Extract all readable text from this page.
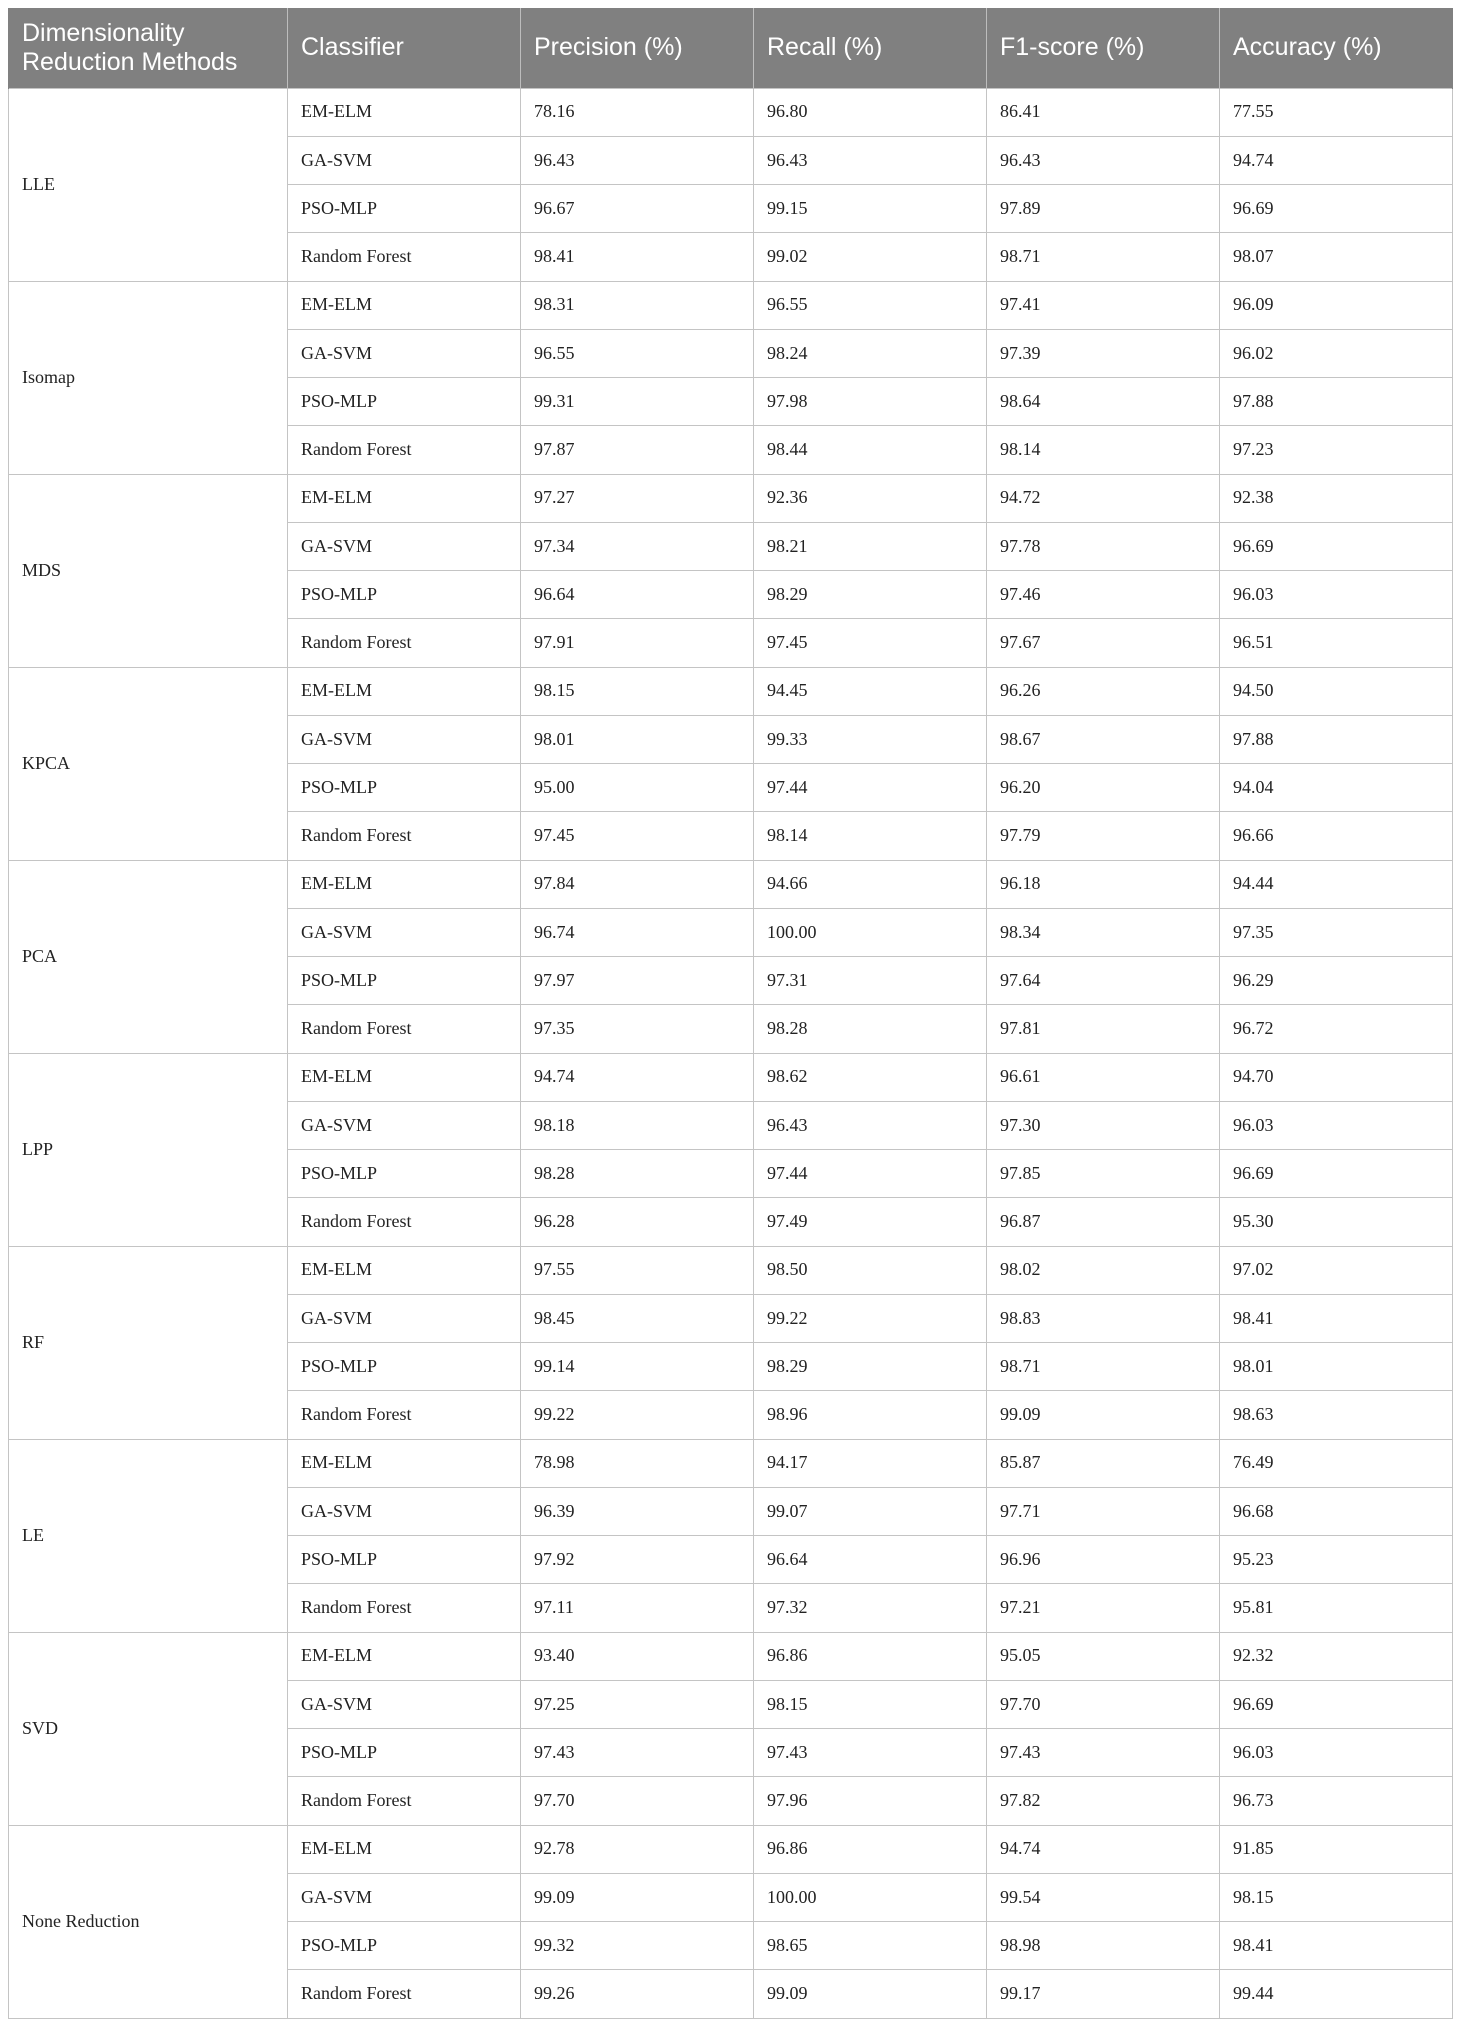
Dimensionality Reduction Methods	Classifier	Precision (%)	Recall (%)	F1-score (%)	Accuracy (%)
LLE	EM-ELM	78.16	96.80	86.41	77.55
	GA-SVM	96.43	96.43	96.43	94.74
	PSO-MLP	96.67	99.15	97.89	96.69
	Random Forest	98.41	99.02	98.71	98.07
Isomap	EM-ELM	98.31	96.55	97.41	96.09
	GA-SVM	96.55	98.24	97.39	96.02
	PSO-MLP	99.31	97.98	98.64	97.88
	Random Forest	97.87	98.44	98.14	97.23
MDS	EM-ELM	97.27	92.36	94.72	92.38
	GA-SVM	97.34	98.21	97.78	96.69
	PSO-MLP	96.64	98.29	97.46	96.03
	Random Forest	97.91	97.45	97.67	96.51
KPCA	EM-ELM	98.15	94.45	96.26	94.50
	GA-SVM	98.01	99.33	98.67	97.88
	PSO-MLP	95.00	97.44	96.20	94.04
	Random Forest	97.45	98.14	97.79	96.66
PCA	EM-ELM	97.84	94.66	96.18	94.44
	GA-SVM	96.74	100.00	98.34	97.35
	PSO-MLP	97.97	97.31	97.64	96.29
	Random Forest	97.35	98.28	97.81	96.72
LPP	EM-ELM	94.74	98.62	96.61	94.70
	GA-SVM	98.18	96.43	97.30	96.03
	PSO-MLP	98.28	97.44	97.85	96.69
	Random Forest	96.28	97.49	96.87	95.30
RF	EM-ELM	97.55	98.50	98.02	97.02
	GA-SVM	98.45	99.22	98.83	98.41
	PSO-MLP	99.14	98.29	98.71	98.01
	Random Forest	99.22	98.96	99.09	98.63
LE	EM-ELM	78.98	94.17	85.87	76.49
	GA-SVM	96.39	99.07	97.71	96.68
	PSO-MLP	97.92	96.64	96.96	95.23
	Random Forest	97.11	97.32	97.21	95.81
SVD	EM-ELM	93.40	96.86	95.05	92.32
	GA-SVM	97.25	98.15	97.70	96.69
	PSO-MLP	97.43	97.43	97.43	96.03
	Random Forest	97.70	97.96	97.82	96.73
None Reduction	EM-ELM	92.78	96.86	94.74	91.85
	GA-SVM	99.09	100.00	99.54	98.15
	PSO-MLP	99.32	98.65	98.98	98.41
	Random Forest	99.26	99.09	99.17	99.44
